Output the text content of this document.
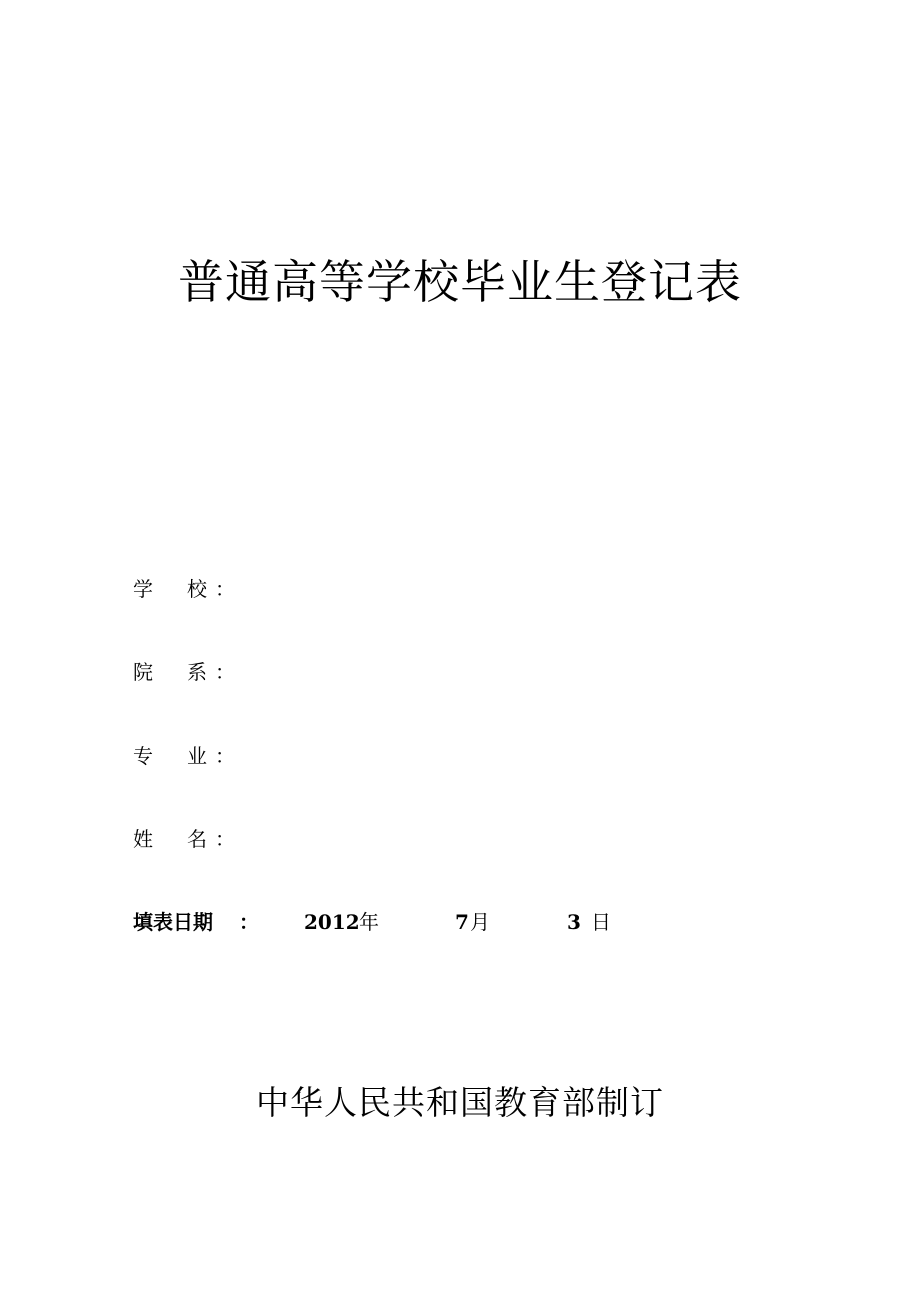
普通高等学校毕业生登记表
学 校 ：
院 系 ：
专 业 ：
姓 名 ：
填表日期 ： 2012 年	7 月	3 日
中华人民共和国教育部制订
